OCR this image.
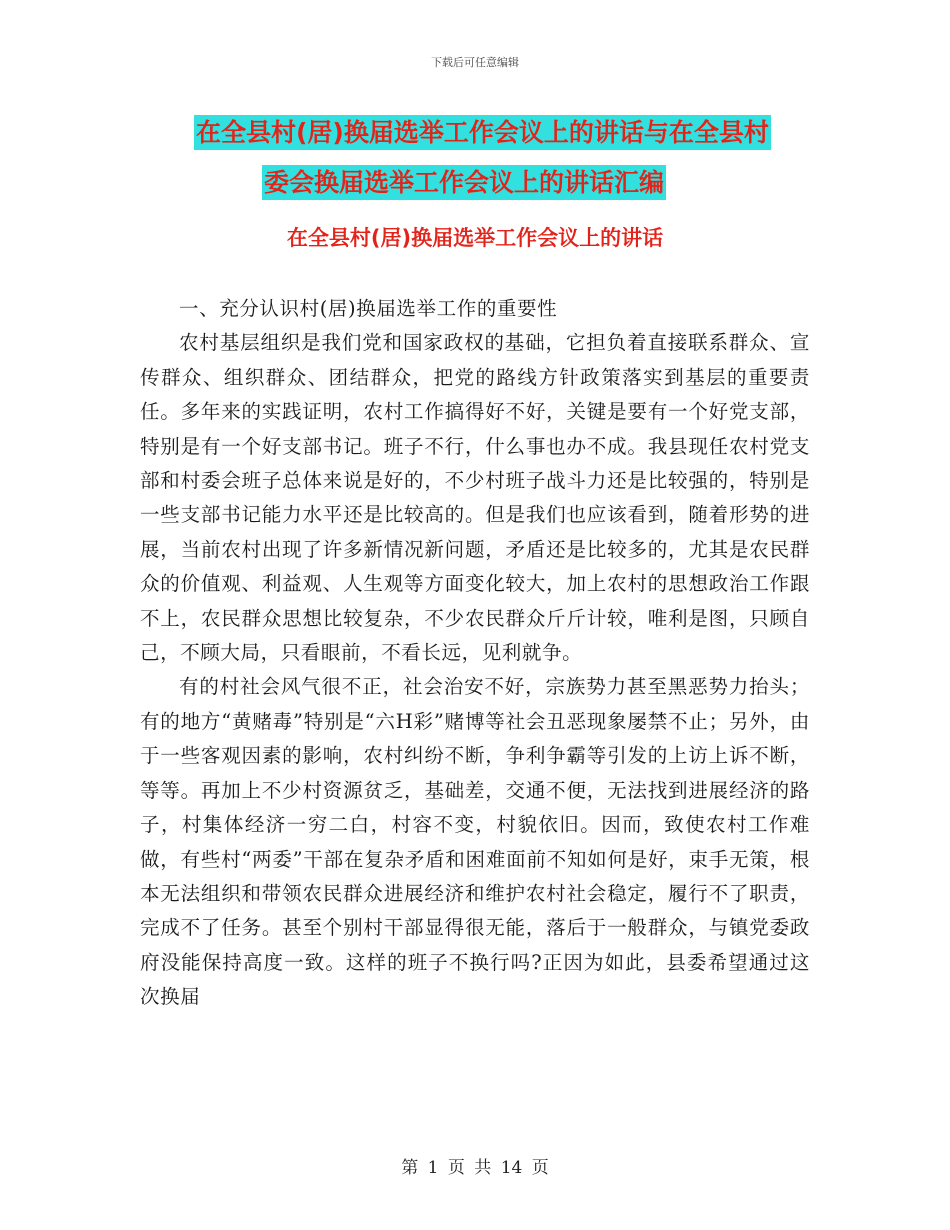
下载后可任意编辑
在全县村(居)换届选举工作会议上的讲话与在全县村
委会换届选举工作会议上的讲话汇编
在全县村(居)换届选举工作会议上的讲话

一、充分认识村(居)换届选举工作的重要性

农村基层组织是我们党和国家政权的基础，它担负着直接联系群众、宣传群众、组织群众、团结群众，把党的路线方针政策落实到基层的重要责任。多年来的实践证明，农村工作搞得好不好，关键是要有一个好党支部，特别是有一个好支部书记。班子不行，什么事也办不成。我县现任农村党支部和村委会班子总体来说是好的，不少村班子战斗力还是比较强的，特别是一些支部书记能力水平还是比较高的。但是我们也应该看到，随着形势的进展，当前农村出现了许多新情况新问题，矛盾还是比较多的，尤其是农民群众的价值观、利益观、人生观等方面变化较大，加上农村的思想政治工作跟不上，农民群众思想比较复杂，不少农民群众斤斤计较，唯利是图，只顾自己，不顾大局，只看眼前，不看长远，见利就争。

有的村社会风气很不正，社会治安不好，宗族势力甚至黑恶势力抬头；有的地方“黄赌毒”特别是“六H彩”赌博等社会丑恶现象屡禁不止；另外，由于一些客观因素的影响，农村纠纷不断，争利争霸等引发的上访上诉不断，等等。再加上不少村资源贫乏，基础差，交通不便，无法找到进展经济的路子，村集体经济一穷二白，村容不变，村貌依旧。因而，致使农村工作难做，有些村“两委”干部在复杂矛盾和困难面前不知如何是好，束手无策，根本无法组织和带领农民群众进展经济和维护农村社会稳定，履行不了职责，完成不了任务。甚至个别村干部显得很无能，落后于一般群众，与镇党委政府没能保持高度一致。这样的班子不换行吗?正因为如此，县委希望通过这次换届

第 1 页 共 14 页
